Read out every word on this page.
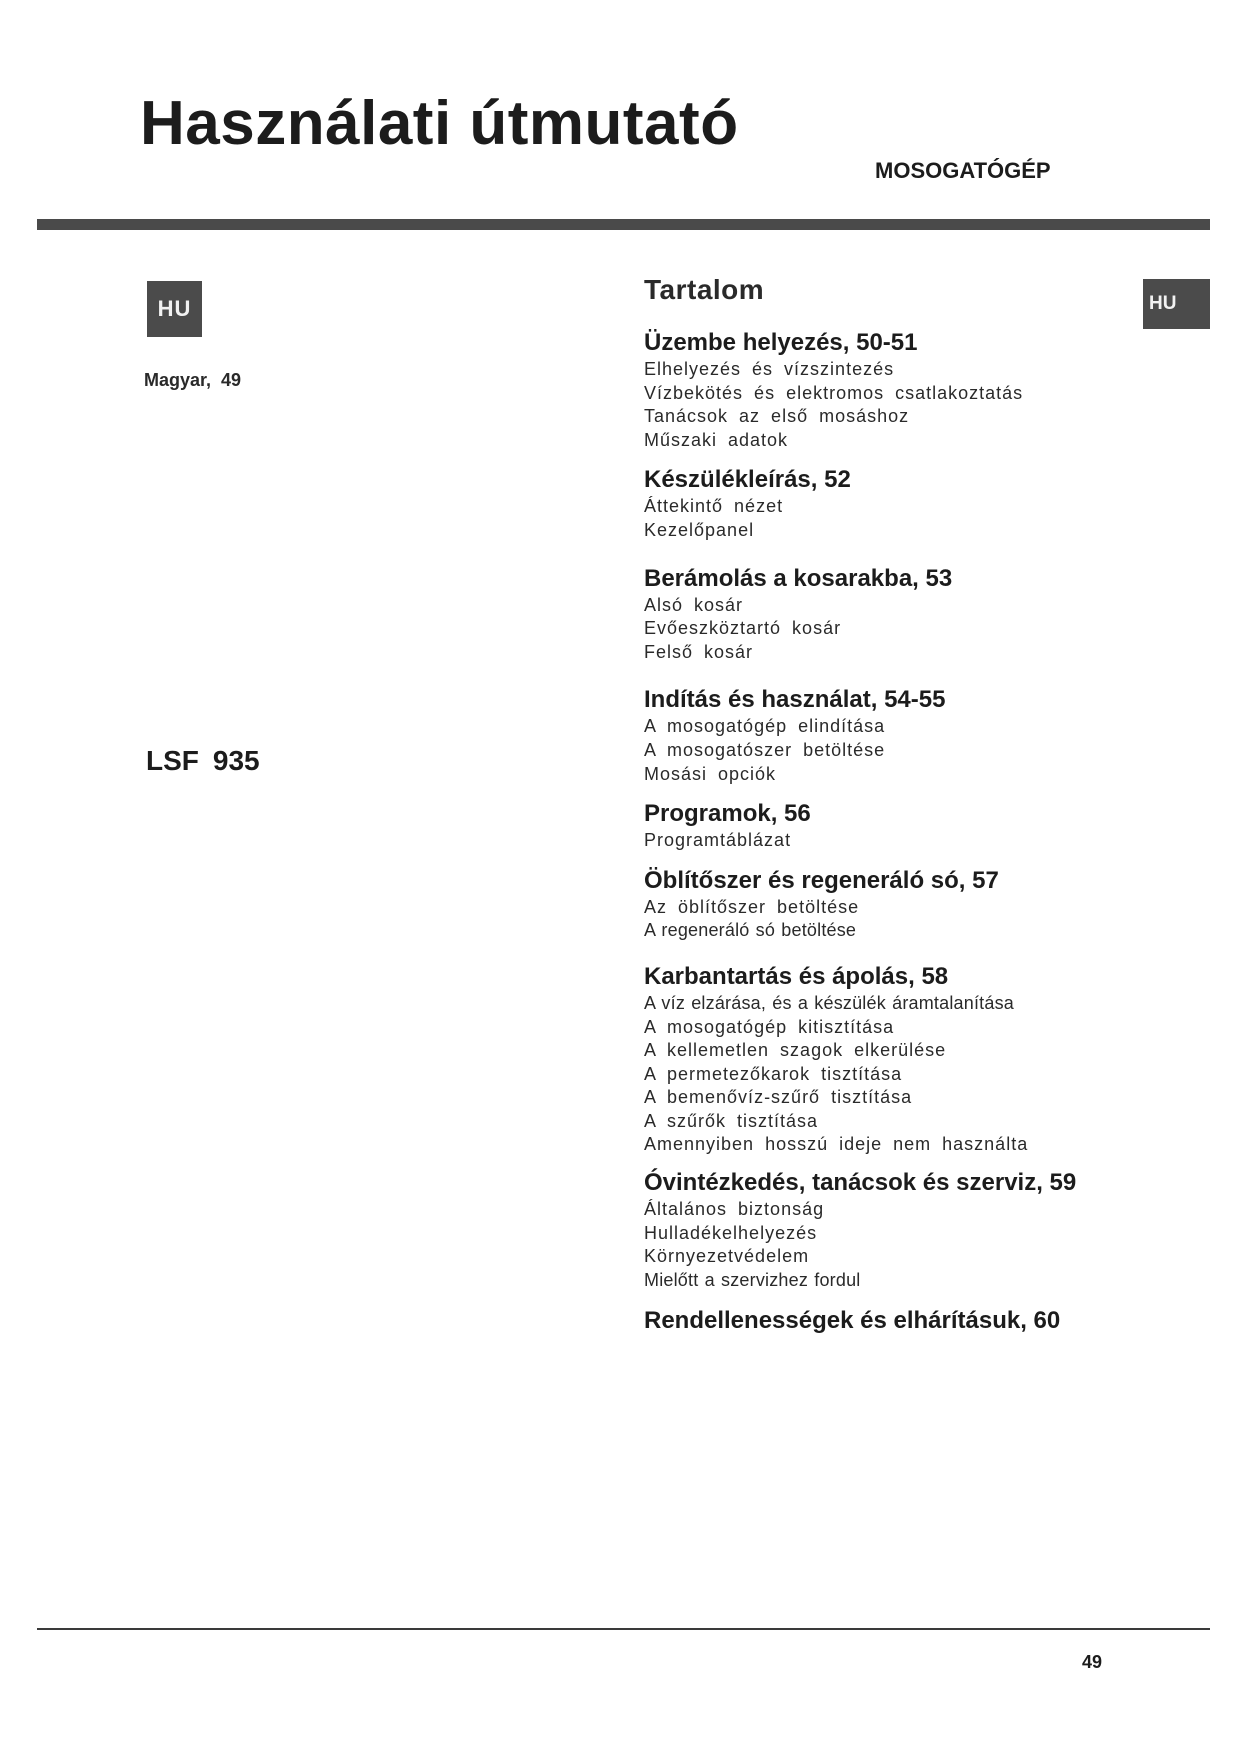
Használati útmutató
MOSOGATÓGÉP
HU
Magyar, 49
LSF 935
HU
Tartalom
Üzembe helyezés, 50-51
Elhelyezés és vízszintezés
Vízbekötés és elektromos csatlakoztatás
Tanácsok az első mosáshoz
Műszaki adatok
Készülékleírás, 52
Áttekintő nézet
Kezelőpanel
Berámolás a kosarakba, 53
Alsó kosár
Evőeszköztartó kosár
Felső kosár
Indítás és használat, 54-55
A mosogatógép elindítása
A mosogatószer betöltése
Mosási opciók
Programok, 56
Programtáblázat
Öblítőszer és regeneráló só, 57
Az öblítőszer betöltése
A regeneráló só betöltése
Karbantartás és ápolás, 58
A víz elzárása, és a készülék áramtalanítása
A mosogatógép kitisztítása
A kellemetlen szagok elkerülése
A permetezőkarok tisztítása
A bemenővíz-szűrő tisztítása
A szűrők tisztítása
Amennyiben hosszú ideje nem használta
Óvintézkedés, tanácsok és szerviz, 59
Általános biztonság
Hulladékelhelyezés
Környezetvédelem
Mielőtt a szervizhez fordul
Rendellenességek és elhárításuk, 60
49
